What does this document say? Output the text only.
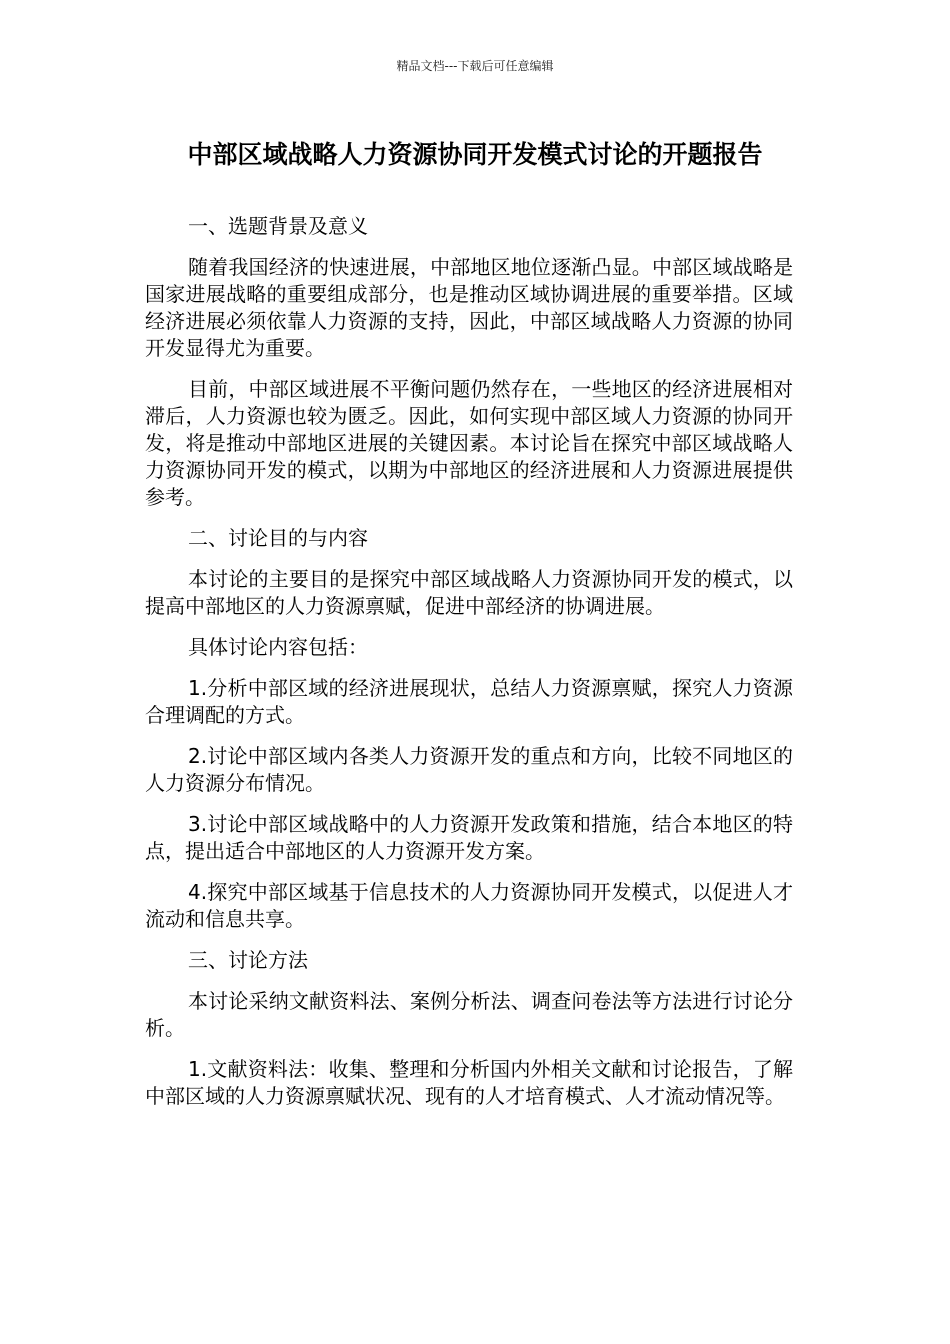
精品文档---下载后可任意编辑
中部区域战略人力资源协同开发模式讨论的开题报告

一、选题背景及意义

随着我国经济的快速进展，中部地区地位逐渐凸显。中部区域战略是国家进展战略的重要组成部分，也是推动区域协调进展的重要举措。区域经济进展必须依靠人力资源的支持，因此，中部区域战略人力资源的协同开发显得尤为重要。

目前，中部区域进展不平衡问题仍然存在，一些地区的经济进展相对滞后，人力资源也较为匮乏。因此，如何实现中部区域人力资源的协同开发，将是推动中部地区进展的关键因素。本讨论旨在探究中部区域战略人力资源协同开发的模式，以期为中部地区的经济进展和人力资源进展提供参考。

二、讨论目的与内容

本讨论的主要目的是探究中部区域战略人力资源协同开发的模式，以提高中部地区的人力资源禀赋，促进中部经济的协调进展。

具体讨论内容包括：

1.分析中部区域的经济进展现状，总结人力资源禀赋，探究人力资源合理调配的方式。

2.讨论中部区域内各类人力资源开发的重点和方向，比较不同地区的人力资源分布情况。

3.讨论中部区域战略中的人力资源开发政策和措施，结合本地区的特点，提出适合中部地区的人力资源开发方案。

4.探究中部区域基于信息技术的人力资源协同开发模式，以促进人才流动和信息共享。

三、讨论方法

本讨论采纳文献资料法、案例分析法、调查问卷法等方法进行讨论分析。

1.文献资料法：收集、整理和分析国内外相关文献和讨论报告，了解中部区域的人力资源禀赋状况、现有的人才培育模式、人才流动情况等。
